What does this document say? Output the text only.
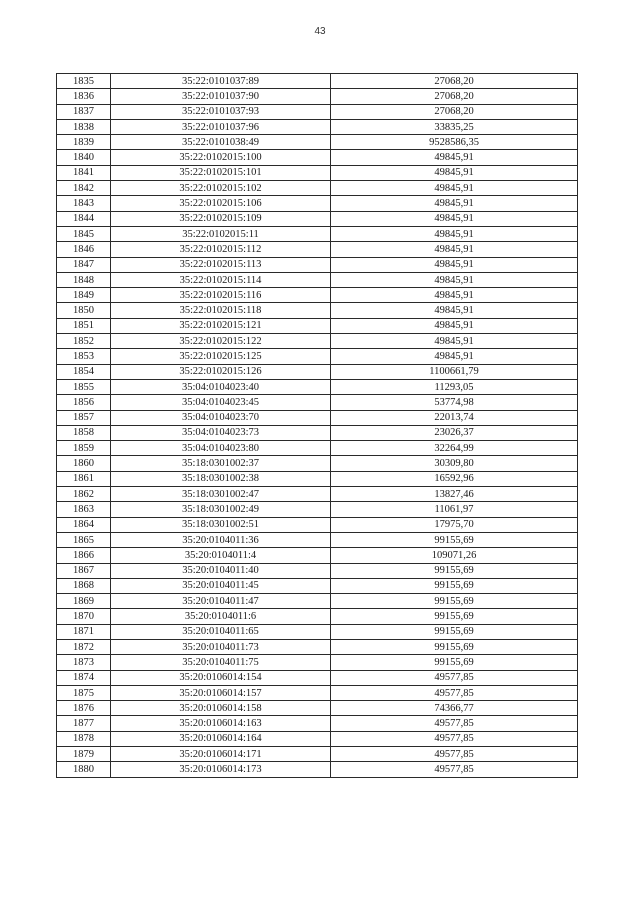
43
1835	35:22:0101037:89	27068,20
1836	35:22:0101037:90	27068,20
1837	35:22:0101037:93	27068,20
1838	35:22:0101037:96	33835,25
1839	35:22:0101038:49	9528586,35
1840	35:22:0102015:100	49845,91
1841	35:22:0102015:101	49845,91
1842	35:22:0102015:102	49845,91
1843	35:22:0102015:106	49845,91
1844	35:22:0102015:109	49845,91
1845	35:22:0102015:11	49845,91
1846	35:22:0102015:112	49845,91
1847	35:22:0102015:113	49845,91
1848	35:22:0102015:114	49845,91
1849	35:22:0102015:116	49845,91
1850	35:22:0102015:118	49845,91
1851	35:22:0102015:121	49845,91
1852	35:22:0102015:122	49845,91
1853	35:22:0102015:125	49845,91
1854	35:22:0102015:126	1100661,79
1855	35:04:0104023:40	11293,05
1856	35:04:0104023:45	53774,98
1857	35:04:0104023:70	22013,74
1858	35:04:0104023:73	23026,37
1859	35:04:0104023:80	32264,99
1860	35:18:0301002:37	30309,80
1861	35:18:0301002:38	16592,96
1862	35:18:0301002:47	13827,46
1863	35:18:0301002:49	11061,97
1864	35:18:0301002:51	17975,70
1865	35:20:0104011:36	99155,69
1866	35:20:0104011:4	109071,26
1867	35:20:0104011:40	99155,69
1868	35:20:0104011:45	99155,69
1869	35:20:0104011:47	99155,69
1870	35:20:0104011:6	99155,69
1871	35:20:0104011:65	99155,69
1872	35:20:0104011:73	99155,69
1873	35:20:0104011:75	99155,69
1874	35:20:0106014:154	49577,85
1875	35:20:0106014:157	49577,85
1876	35:20:0106014:158	74366,77
1877	35:20:0106014:163	49577,85
1878	35:20:0106014:164	49577,85
1879	35:20:0106014:171	49577,85
1880	35:20:0106014:173	49577,85
